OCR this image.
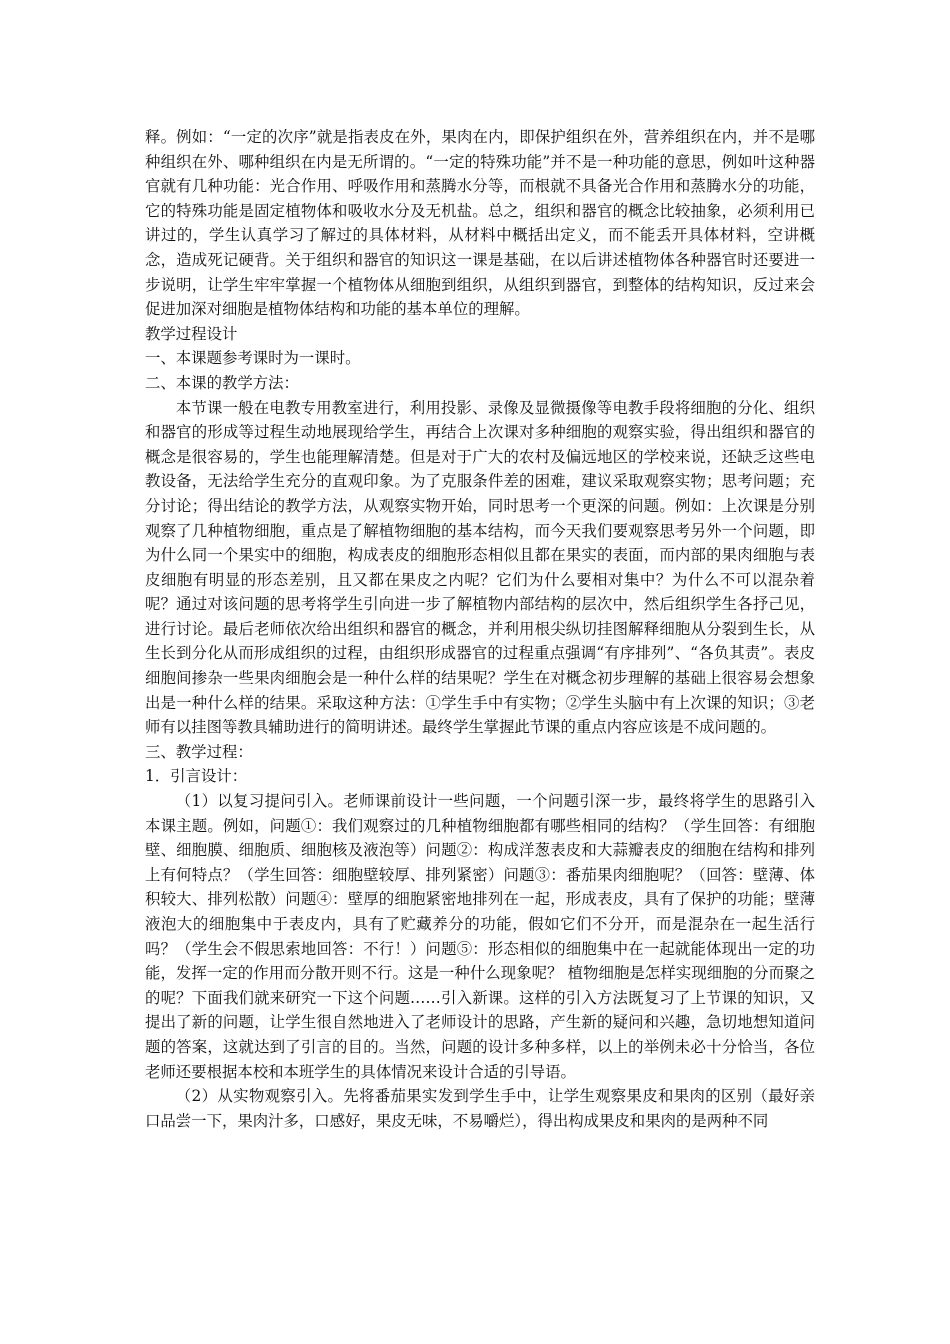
释。例如：“一定的次序”就是指表皮在外，果肉在内，即保护组织在外，营养组织在内，并不是哪种组织在外、哪种组织在内是无所谓的。“一定的特殊功能”并不是一种功能的意思，例如叶这种器官就有几种功能：光合作用、呼吸作用和蒸腾水分等，而根就不具备光合作用和蒸腾水分的功能，它的特殊功能是固定植物体和吸收水分及无机盐。总之，组织和器官的概念比较抽象，必须利用已讲过的，学生认真学习了解过的具体材料，从材料中概括出定义，而不能丢开具体材料，空讲概念，造成死记硬背。关于组织和器官的知识这一课是基础，在以后讲述植物体各种器官时还要进一步说明，让学生牢牢掌握一个植物体从细胞到组织，从组织到器官，到整体的结构知识，反过来会促进加深对细胞是植物体结构和功能的基本单位的理解。

教学过程设计

一、本课题参考课时为一课时。

二、本课的教学方法：

本节课一般在电教专用教室进行，利用投影、录像及显微摄像等电教手段将细胞的分化、组织和器官的形成等过程生动地展现给学生，再结合上次课对多种细胞的观察实验，得出组织和器官的概念是很容易的，学生也能理解清楚。但是对于广大的农村及偏远地区的学校来说，还缺乏这些电教设备，无法给学生充分的直观印象。为了克服条件差的困难，建议采取观察实物；思考问题；充分讨论；得出结论的教学方法，从观察实物开始，同时思考一个更深的问题。例如：上次课是分别观察了几种植物细胞，重点是了解植物细胞的基本结构，而今天我们要观察思考另外一个问题，即为什么同一个果实中的细胞，构成表皮的细胞形态相似且都在果实的表面，而内部的果肉细胞与表皮细胞有明显的形态差别，且又都在果皮之内呢？它们为什么要相对集中？为什么不可以混杂着呢？通过对该问题的思考将学生引向进一步了解植物内部结构的层次中，然后组织学生各抒己见，进行讨论。最后老师依次给出组织和器官的概念，并利用根尖纵切挂图解释细胞从分裂到生长，从生长到分化从而形成组织的过程，由组织形成器官的过程重点强调“有序排列”、“各负其责”。表皮细胞间掺杂一些果肉细胞会是一种什么样的结果呢？学生在对概念初步理解的基础上很容易会想象出是一种什么样的结果。采取这种方法：①学生手中有实物；②学生头脑中有上次课的知识；③老师有以挂图等教具辅助进行的简明讲述。最终学生掌握此节课的重点内容应该是不成问题的。

三、教学过程：

1．引言设计：

（1）以复习提问引入。老师课前设计一些问题，一个问题引深一步，最终将学生的思路引入本课主题。例如，问题①：我们观察过的几种植物细胞都有哪些相同的结构？（学生回答：有细胞壁、细胞膜、细胞质、细胞核及液泡等）问题②：构成洋葱表皮和大蒜瓣表皮的细胞在结构和排列上有何特点？（学生回答：细胞壁较厚、排列紧密）问题③：番茄果肉细胞呢？（回答：壁薄、体积较大、排列松散）问题④：壁厚的细胞紧密地排列在一起，形成表皮，具有了保护的功能；壁薄液泡大的细胞集中于表皮内，具有了贮藏养分的功能，假如它们不分开，而是混杂在一起生活行吗？（学生会不假思索地回答：不行！）问题⑤：形态相似的细胞集中在一起就能体现出一定的功能，发挥一定的作用而分散开则不行。这是一种什么现象呢？ 植物细胞是怎样实现细胞的分而聚之的呢？下面我们就来研究一下这个问题……引入新课。这样的引入方法既复习了上节课的知识，又提出了新的问题，让学生很自然地进入了老师设计的思路，产生新的疑问和兴趣，急切地想知道问题的答案，这就达到了引言的目的。当然，问题的设计多种多样，以上的举例未必十分恰当，各位老师还要根据本校和本班学生的具体情况来设计合适的引导语。

（2）从实物观察引入。先将番茄果实发到学生手中，让学生观察果皮和果肉的区别（最好亲口品尝一下，果肉汁多，口感好，果皮无味，不易嚼烂），得出构成果皮和果肉的是两种不同
